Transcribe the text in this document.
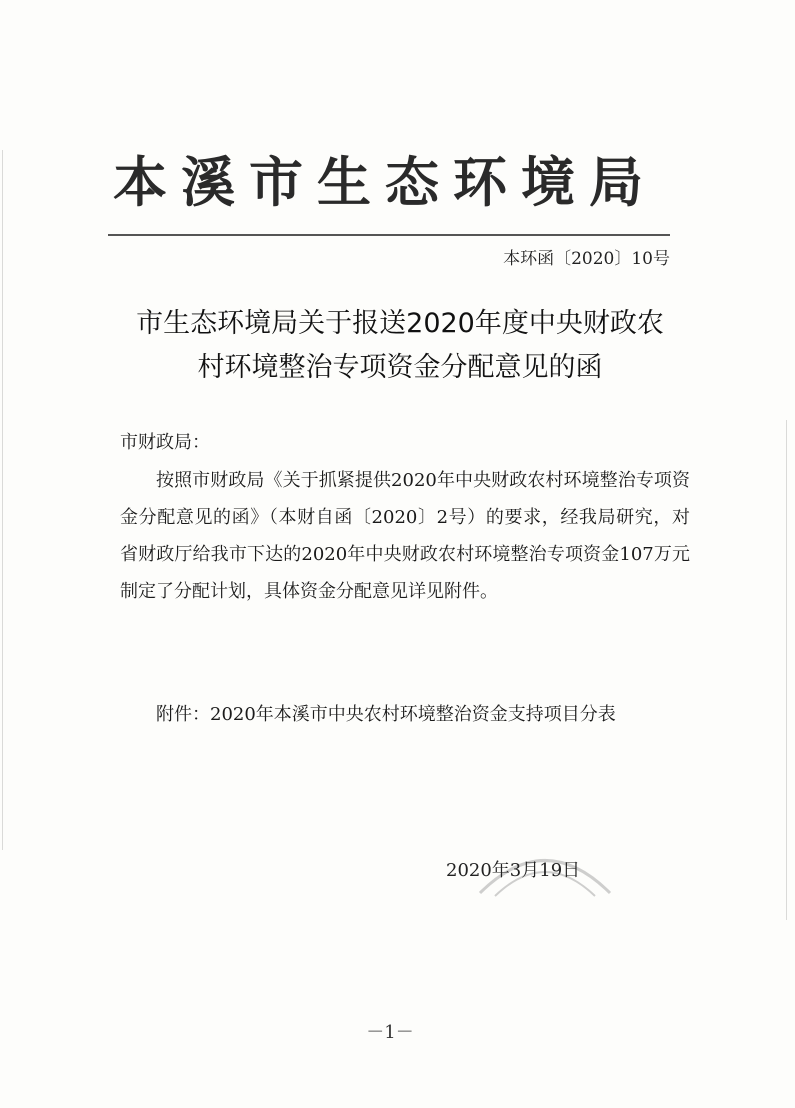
本溪市生态环境局
本环函〔2020〕10号
市生态环境局关于报送2020年度中央财政农
村环境整治专项资金分配意见的函
市财政局：
按照市财政局《关于抓紧提供2020年中央财政农村环境整治专项资金分配意见的函》（本财自函〔2020〕2号）的要求，经我局研究，对省财政厅给我市下达的2020年中央财政农村环境整治专项资金107万元制定了分配计划，具体资金分配意见详见附件。
附件：2020年本溪市中央农村环境整治资金支持项目分表
2020年3月19日
－1－
